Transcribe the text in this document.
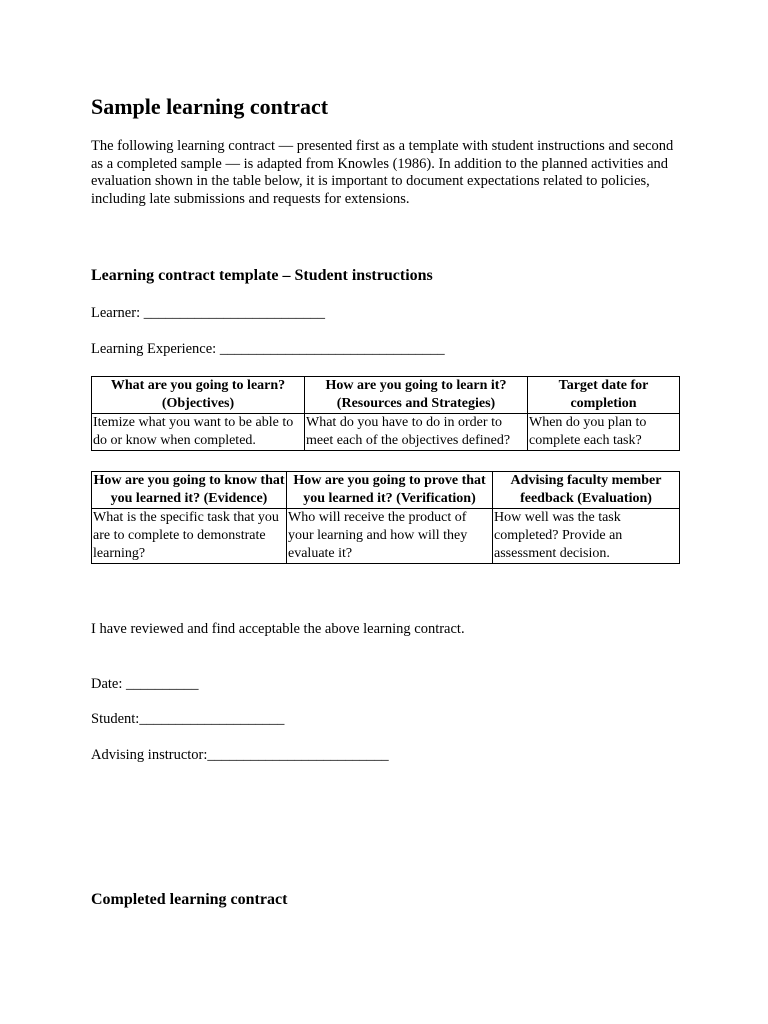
Sample learning contract

The following learning contract — presented first as a template with student instructions and second as a completed sample — is adapted from Knowles (1986). In addition to the planned activities and evaluation shown in the table below, it is important to document expectations related to policies, including late submissions and requests for extensions.

Learning contract template – Student instructions
Learner: _________________________
Learning Experience: _______________________________
What are you going to learn? (Objectives)	How are you going to learn it? (Resources and Strategies)	Target date for completion
Itemize what you want to be able to do or know when completed.	What do you have to do in order to meet each of the objectives defined?	When do you plan to complete each task?
How are you going to know that you learned it? (Evidence)	How are you going to prove that you learned it? (Verification)	Advising faculty member feedback (Evaluation)
What is the specific task that you are to complete to demonstrate learning?	Who will receive the product of your learning and how will they evaluate it?	How well was the task completed? Provide an assessment decision.
I have reviewed and find acceptable the above learning contract.
Date: __________
Student:____________________
Advising instructor:_________________________
Completed learning contract
